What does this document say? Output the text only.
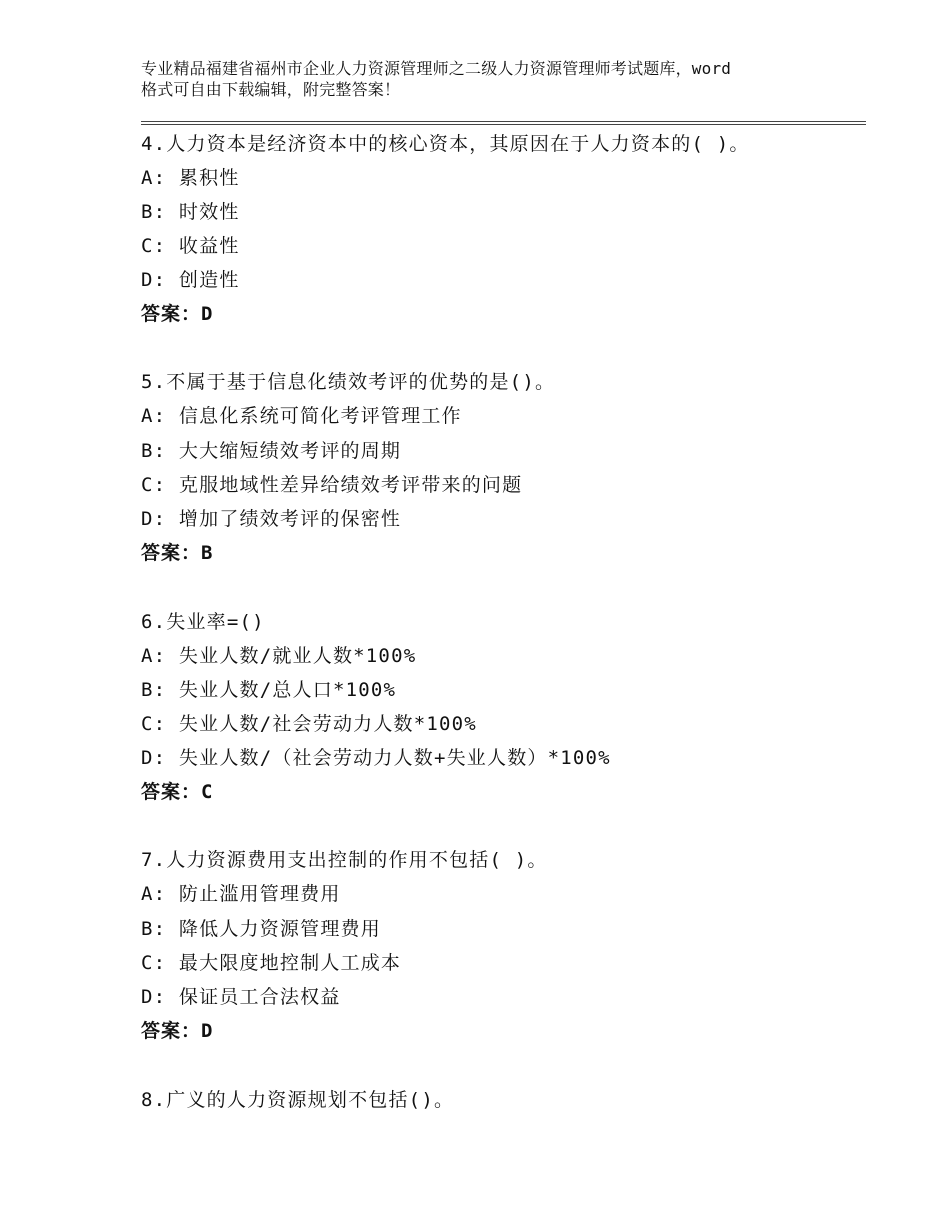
专业精品福建省福州市企业人力资源管理师之二级人力资源管理师考试题库，word
格式可自由下载编辑，附完整答案！
4.人力资本是经济资本中的核心资本，其原因在于人力资本的( )。
A: 累积性
B: 时效性
C: 收益性
D: 创造性
答案：D
5.不属于基于信息化绩效考评的优势的是()。
A: 信息化系统可简化考评管理工作
B: 大大缩短绩效考评的周期
C: 克服地域性差异给绩效考评带来的问题
D: 增加了绩效考评的保密性
答案：B
6.失业率=()
A: 失业人数/就业人数*100%
B: 失业人数/总人口*100%
C: 失业人数/社会劳动力人数*100%
D: 失业人数/（社会劳动力人数+失业人数）*100%
答案：C
7.人力资源费用支出控制的作用不包括( )。
A: 防止滥用管理费用
B: 降低人力资源管理费用
C: 最大限度地控制人工成本
D: 保证员工合法权益
答案：D
8.广义的人力资源规划不包括()。
